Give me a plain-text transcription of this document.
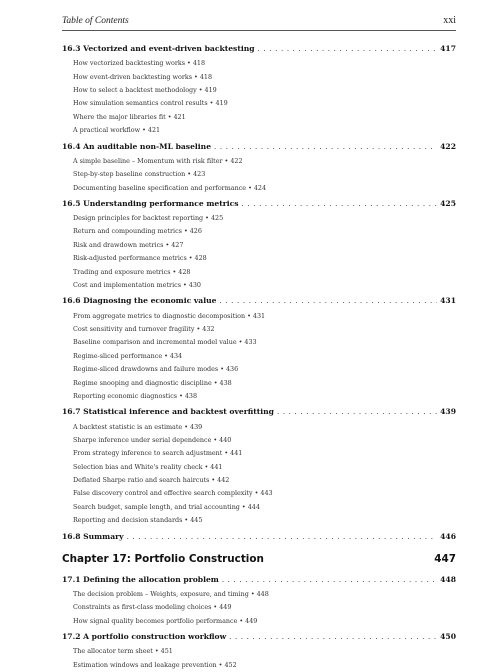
Table of Contents	xxi
16.3 Vectorized and event-driven backtesting . . .	417
How vectorized backtesting works • 418
How event-driven backtesting works • 418
How to select a backtest methodology • 419
How simulation semantics control results • 419
Where the major libraries fit • 421
A practical workflow • 421
16.4 An auditable non-ML baseline . . .	422
A simple baseline – Momentum with risk filter • 422
Step-by-step baseline construction • 423
Documenting baseline specification and performance • 424
16.5 Understanding performance metrics . . .	425
Design principles for backtest reporting • 425
Return and compounding metrics • 426
Risk and drawdown metrics • 427
Risk-adjusted performance metrics • 428
Trading and exposure metrics • 428
Cost and implementation metrics • 430
16.6 Diagnosing the economic value . . .	431
From aggregate metrics to diagnostic decomposition • 431
Cost sensitivity and turnover fragility • 432
Baseline comparison and incremental model value • 433
Regime-sliced performance • 434
Regime-sliced drawdowns and failure modes • 436
Regime snooping and diagnostic discipline • 438
Reporting economic diagnostics • 438
16.7 Statistical inference and backtest overfitting . . .	439
A backtest statistic is an estimate • 439
Sharpe inference under serial dependence • 440
From strategy inference to search adjustment • 441
Selection bias and White's reality check • 441
Deflated Sharpe ratio and search haircuts • 442
False discovery control and effective search complexity • 443
Search budget, sample length, and trial accounting • 444
Reporting and decision standards • 445
16.8 Summary . . .	446
Chapter 17: Portfolio Construction	447
17.1 Defining the allocation problem . . .	448
The decision problem – Weights, exposure, and timing • 448
Constraints as first-class modeling choices • 449
How signal quality becomes portfolio performance • 449
17.2 A portfolio construction workflow . . .	450
The allocator term sheet • 451
Estimation windows and leakage prevention • 452
